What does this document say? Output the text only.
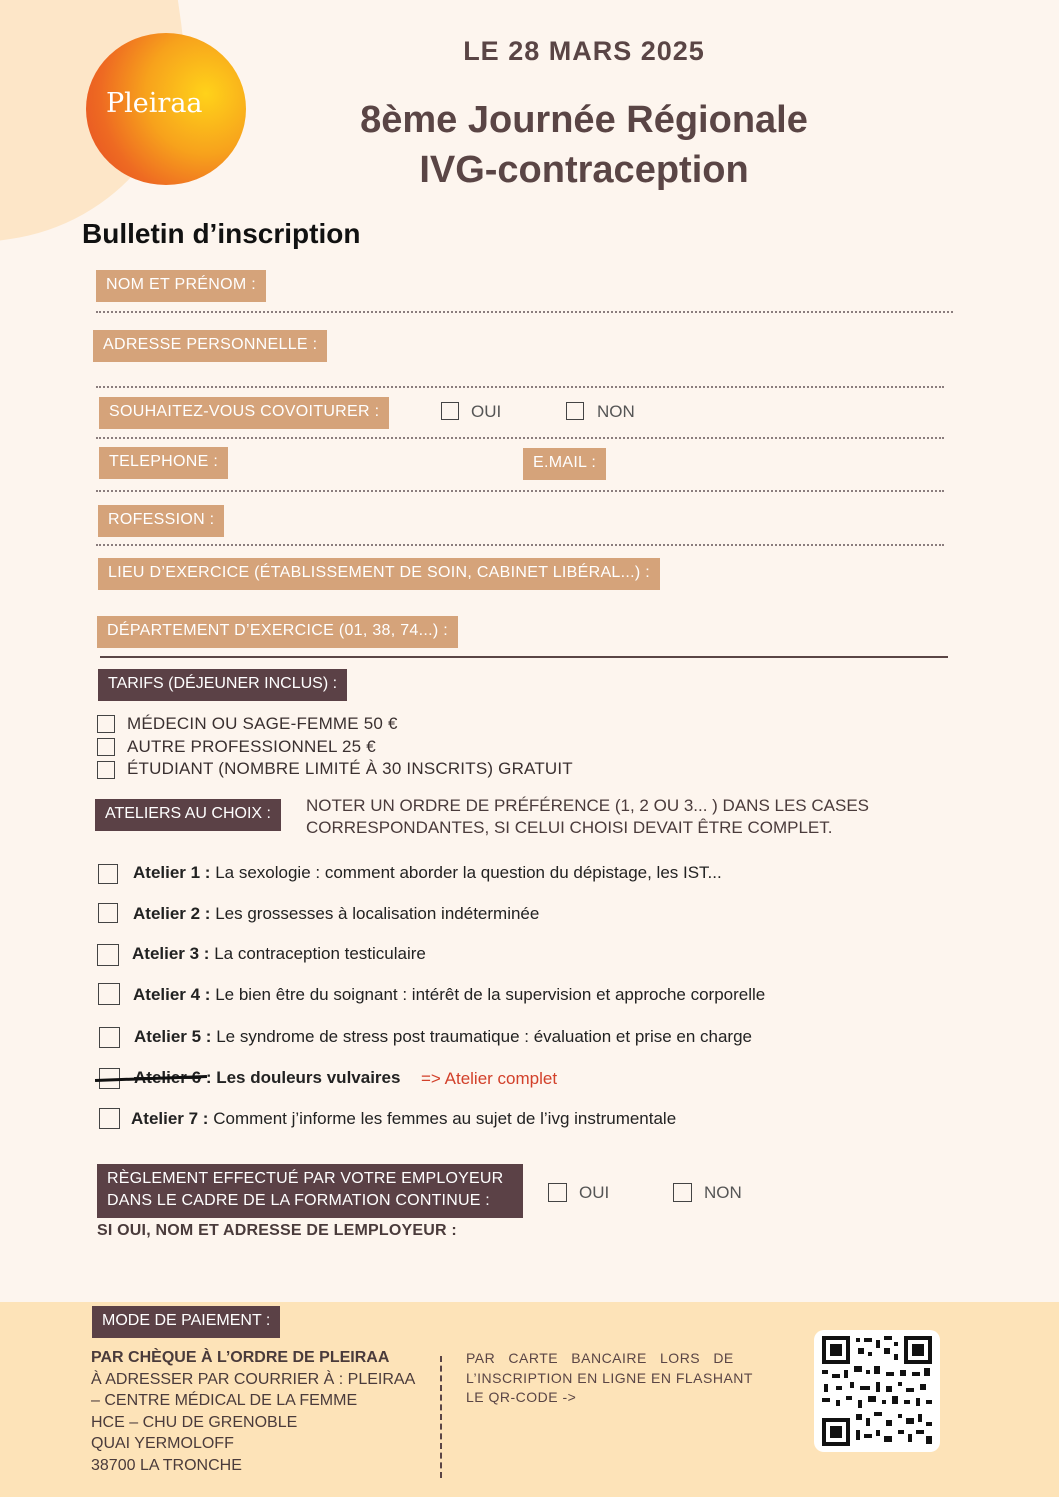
Pleiraa
LE 28 MARS 2025
8ème Journée Régionale
IVG-contraception
Bulletin d’inscription
NOM ET PRÉNOM :
ADRESSE PERSONNELLE :
SOUHAITEZ-VOUS COVOITURER :	OUI	NON
TELEPHONE :	E.MAIL :
ROFESSION :
LIEU D’EXERCICE (ÉTABLISSEMENT DE SOIN, CABINET LIBÉRAL...) :
DÉPARTEMENT D’EXERCICE (01, 38, 74...) :
TARIFS (DÉJEUNER INCLUS) :
MÉDECIN OU SAGE-FEMME 50 €
AUTRE PROFESSIONNEL 25 €
ÉTUDIANT (NOMBRE LIMITÉ À 30 INSCRITS) GRATUIT
ATELIERS AU CHOIX :	NOTER UN ORDRE DE PRÉFÉRENCE (1, 2 OU 3... ) DANS LES CASES
CORRESPONDANTES, SI CELUI CHOISI DEVAIT ÊTRE COMPLET.
Atelier 1 : La sexologie : comment aborder la question du dépistage, les IST...
Atelier 2 : Les grossesses à localisation indéterminée
Atelier 3 : La contraception testiculaire
Atelier 4 : Le bien être du soignant : intérêt de la supervision et approche corporelle
Atelier 5 : Le syndrome de stress post traumatique : évaluation et prise en charge
Atelier 6 : Les douleurs vulvaires => Atelier complet
Atelier 7 : Comment j’informe les femmes au sujet de l’ivg instrumentale
RÈGLEMENT EFFECTUÉ PAR VOTRE EMPLOYEUR
DANS LE CADRE DE LA FORMATION CONTINUE :	OUI	NON
SI OUI, NOM ET ADRESSE DE LEMPLOYEUR :
MODE DE PAIEMENT :
PAR CHÈQUE À L’ORDRE DE PLEIRAA
À ADRESSER PAR COURRIER À : PLEIRAA
– CENTRE MÉDICAL DE LA FEMME
HCE – CHU DE GRENOBLE
QUAI YERMOLOFF
38700 LA TRONCHE
PAR   CARTE   BANCAIRE   LORS   DE
L’INSCRIPTION EN LIGNE EN FLASHANT
LE QR-CODE ->
